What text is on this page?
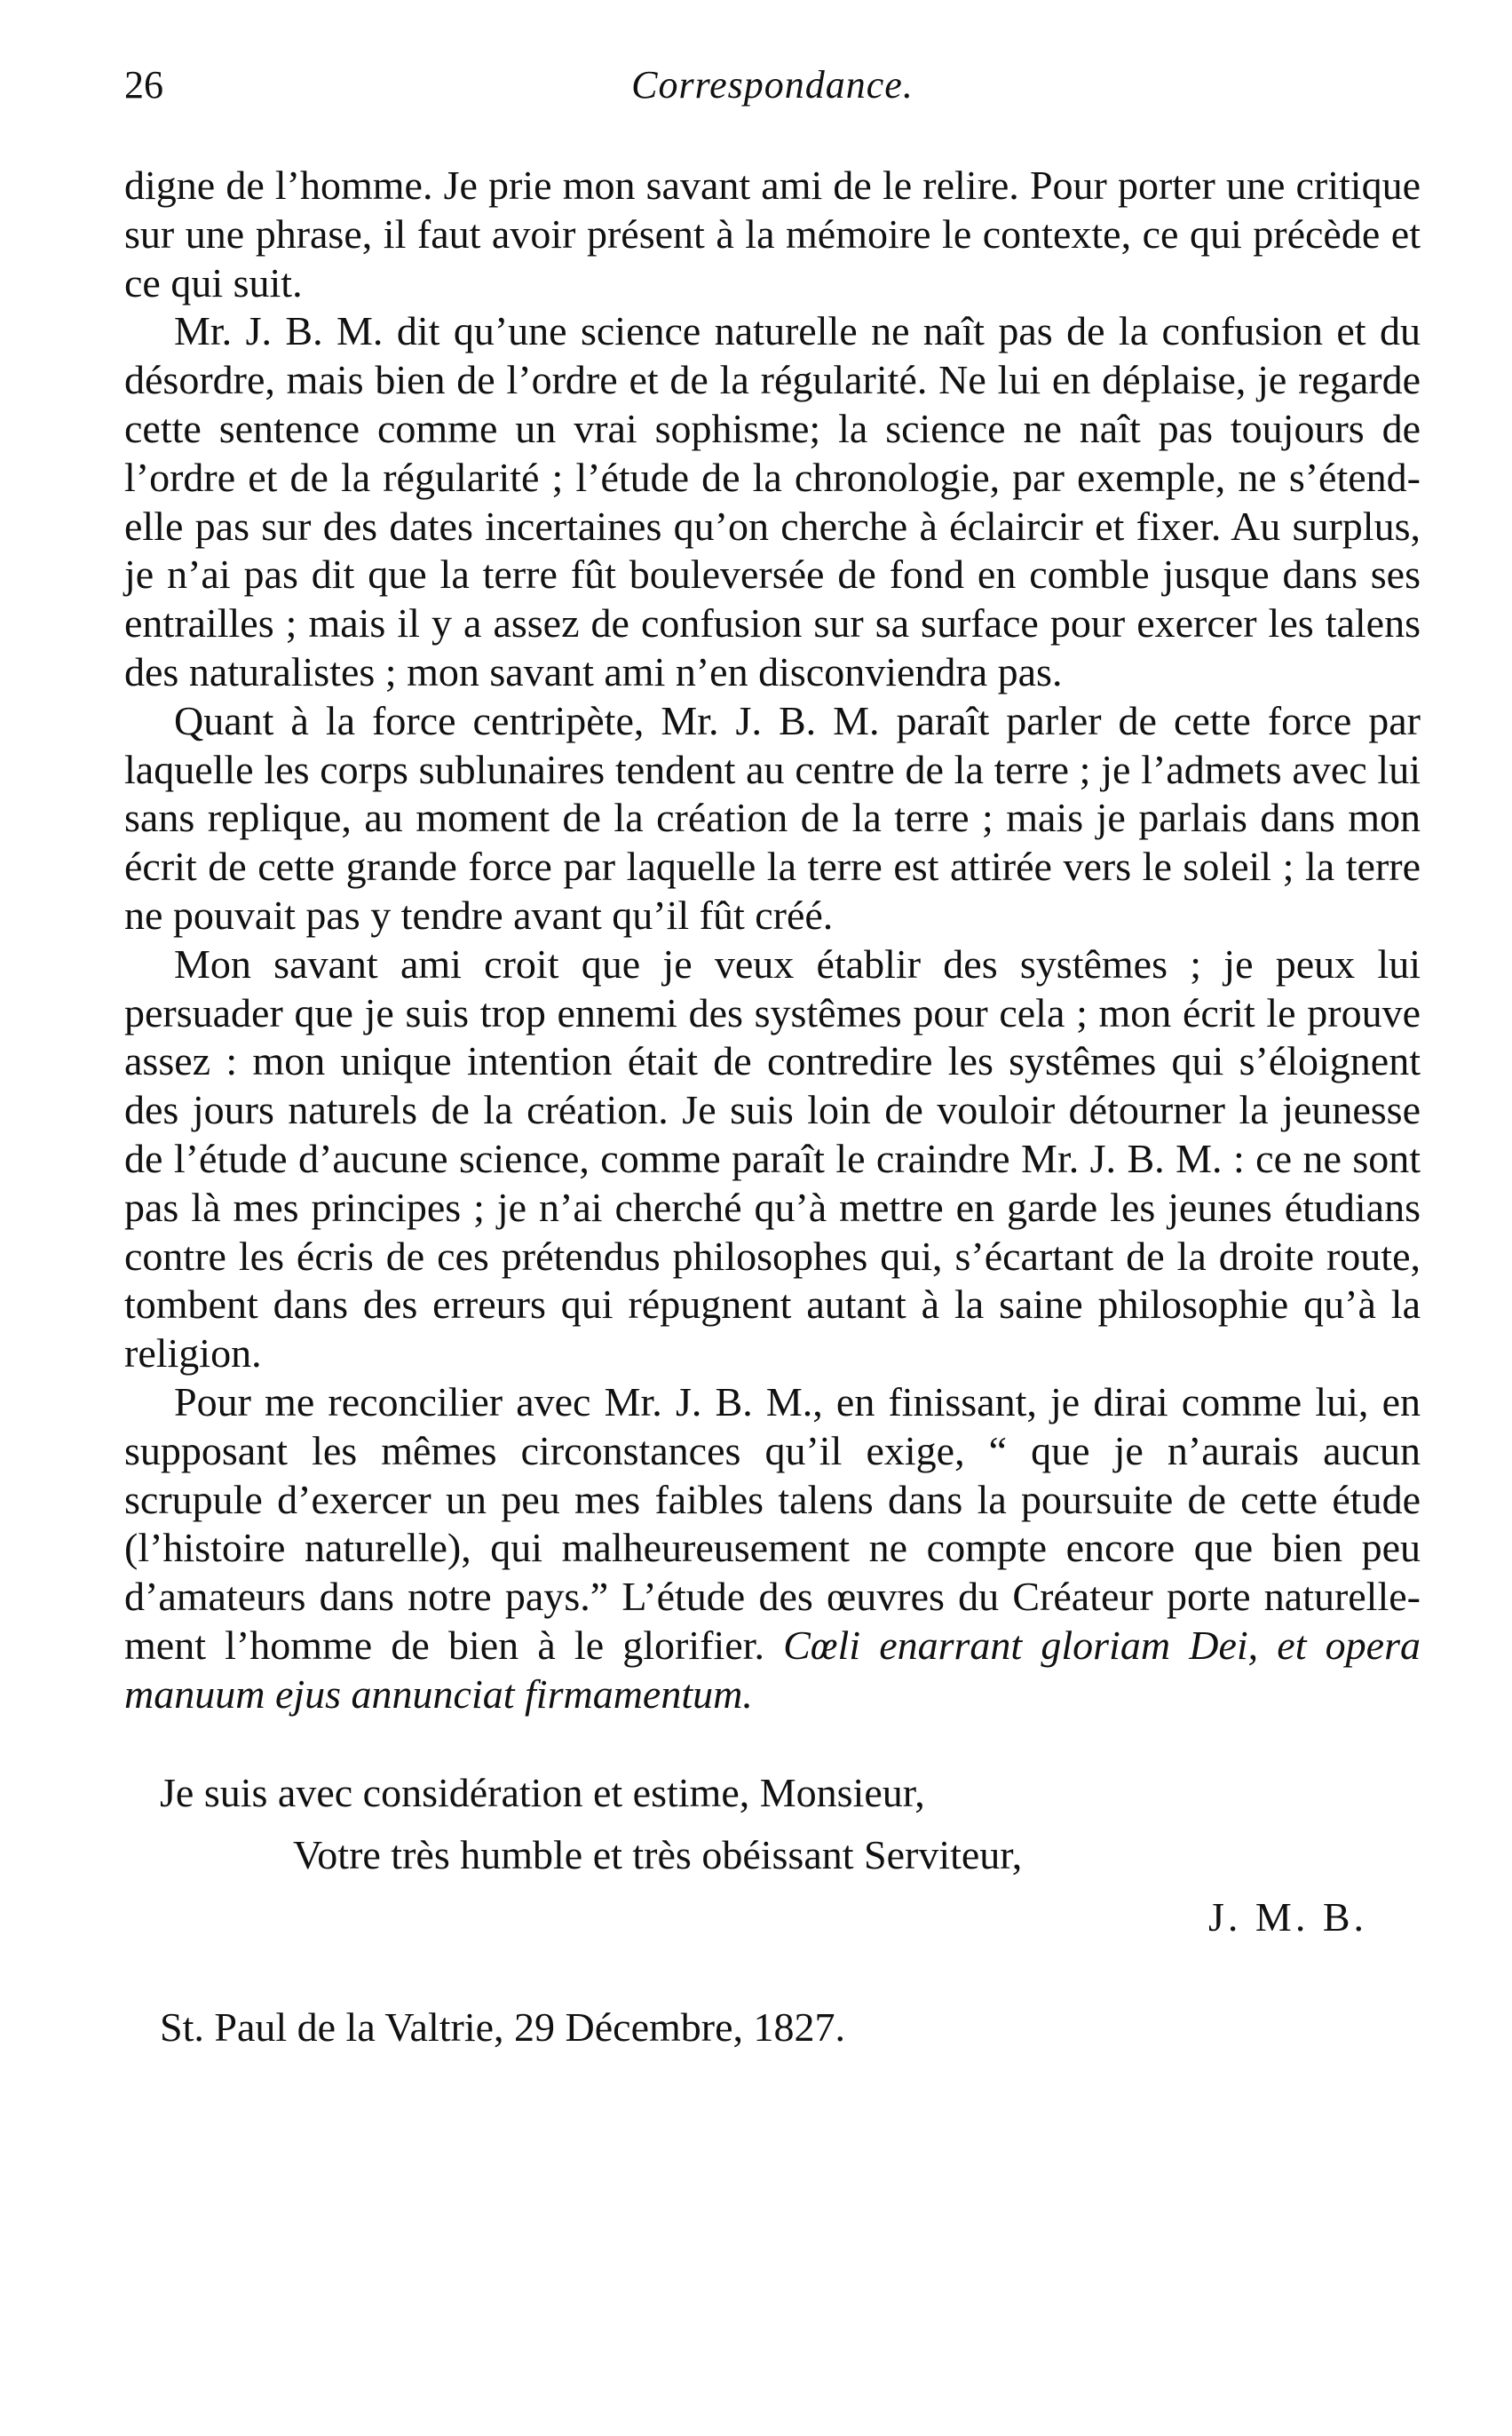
26	Correspondance.

digne de l’homme. Je prie mon savant ami de le relire. Pour porter une critique sur une phrase, il faut avoir présent à la mémoire le contexte, ce qui précède et ce qui suit.

Mr. J. B. M. dit qu’une science naturelle ne naît pas de la confusion et du désordre, mais bien de l’ordre et de la régularité. Ne lui en déplaise, je regarde cette sentence comme un vrai sophisme; la science ne naît pas toujours de l’ordre et de la régularité ; l’étude de la chronologie, par exemple, ne s’étend-elle pas sur des dates incertaines qu’on cherche à éclaircir et fixer. Au surplus, je n’ai pas dit que la terre fût bouleversée de fond en comble jusque dans ses entrailles ; mais il y a assez de confusion sur sa surface pour exercer les talens des naturalistes ; mon savant ami n’en disconviendra pas.

Quant à la force centripète, Mr. J. B. M. paraît parler de cette force par laquelle les corps sublunaires tendent au centre de la terre ; je l’admets avec lui sans replique, au moment de la création de la terre ; mais je parlais dans mon écrit de cette grande force par laquelle la terre est attirée vers le soleil ; la terre ne pouvait pas y tendre avant qu’il fût créé.

Mon savant ami croit que je veux établir des systêmes ; je peux lui persuader que je suis trop ennemi des systêmes pour cela ; mon écrit le prouve assez : mon unique intention était de contredire les systêmes qui s’éloignent des jours naturels de la création. Je suis loin de vouloir détourner la jeunesse de l’étude d’aucune science, comme paraît le craindre Mr. J. B. M. : ce ne sont pas là mes principes ; je n’ai cherché qu’à mettre en garde les jeunes étudians contre les écris de ces prétendus philosophes qui, s’écartant de la droite route, tombent dans des erreurs qui répugnent autant à la saine philosophie qu’à la religion.

Pour me reconcilier avec Mr. J. B. M., en finissant, je dirai comme lui, en supposant les mêmes circonstances qu’il exige, “ que je n’aurais aucun scrupule d’exercer un peu mes faibles talens dans la poursuite de cette étude (l’histoire naturelle), qui malheureusement ne compte encore que bien peu d’amateurs dans notre pays.” L’étude des œuvres du Créateur porte naturellement l’homme de bien à le glorifier. Cœli enarrant gloriam Dei, et opera manuum ejus annunciat firmamentum.

Je suis avec considération et estime, Monsieur,
Votre très humble et très obéissant Serviteur,
J. M. B.
St. Paul de la Valtrie, 29 Décembre, 1827.
